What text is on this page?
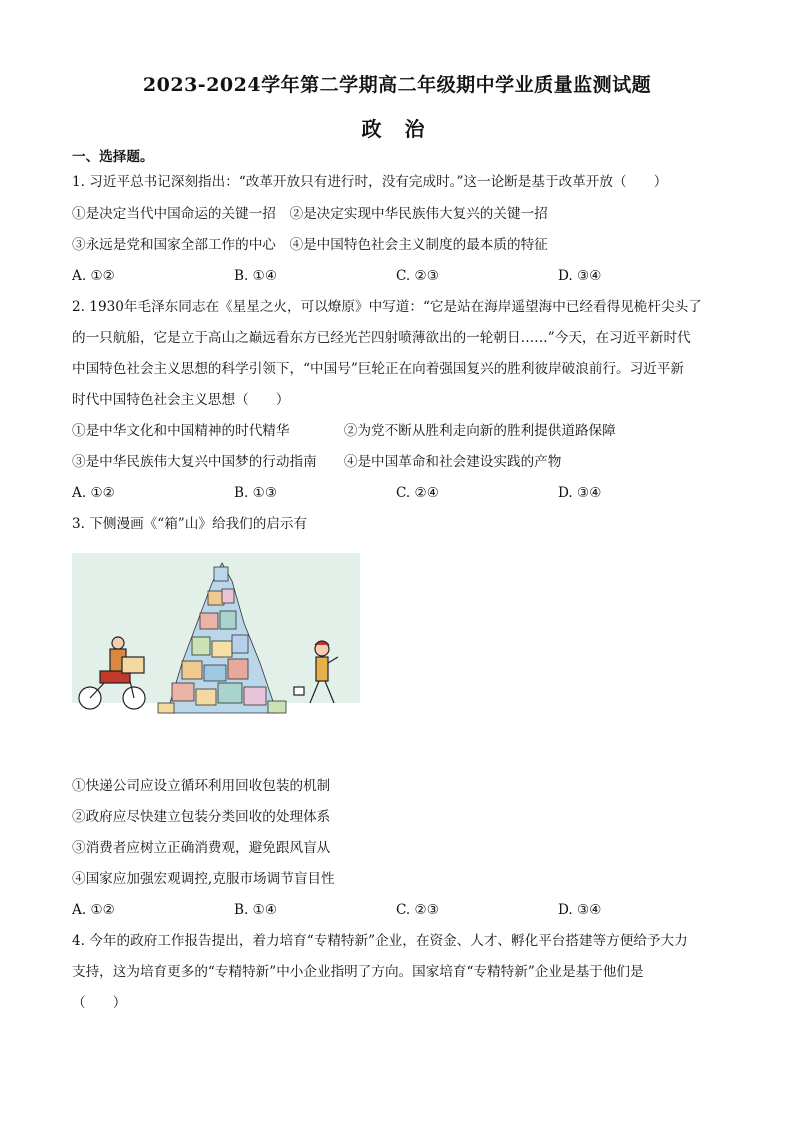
2023-2024学年第二学期高二年级期中学业质量监测试题
政 治
一、选择题。
1. 习近平总书记深刻指出：“改革开放只有进行时，没有完成时。”这一论断是基于改革开放（　　）
①是决定当代中国命运的关键一招　②是决定实现中华民族伟大复兴的关键一招
③永远是党和国家全部工作的中心　④是中国特色社会主义制度的最本质的特征
A. ①②	B. ①④	C. ②③	D. ③④
2. 1930年毛泽东同志在《星星之火，可以燎原》中写道：“它是站在海岸遥望海中已经看得见桅杆尖头了
的一只航船，它是立于高山之巅远看东方已经光芒四射喷薄欲出的一轮朝日……”今天，在习近平新时代
中国特色社会主义思想的科学引领下，“中国号”巨轮正在向着强国复兴的胜利彼岸破浪前行。习近平新
时代中国特色社会主义思想（　　）
①是中华文化和中国精神的时代精华　　　　②为党不断从胜利走向新的胜利提供道路保障
③是中华民族伟大复兴中国梦的行动指南　　④是中国革命和社会建设实践的产物
A. ①②	B. ①③	C. ②④	D. ③④
3. 下侧漫画《“箱”山》给我们的启示有
①快递公司应设立循环利用回收包装的机制
②政府应尽快建立包装分类回收的处理体系
③消费者应树立正确消费观，避免跟风盲从
④国家应加强宏观调控,克服市场调节盲目性
A. ①②	B. ①④	C. ②③	D. ③④
4. 今年的政府工作报告提出，着力培育“专精特新”企业，在资金、人才、孵化平台搭建等方便给予大力
支持，这为培育更多的“专精特新”中小企业指明了方向。国家培育“专精特新”企业是基于他们是
（　　）
